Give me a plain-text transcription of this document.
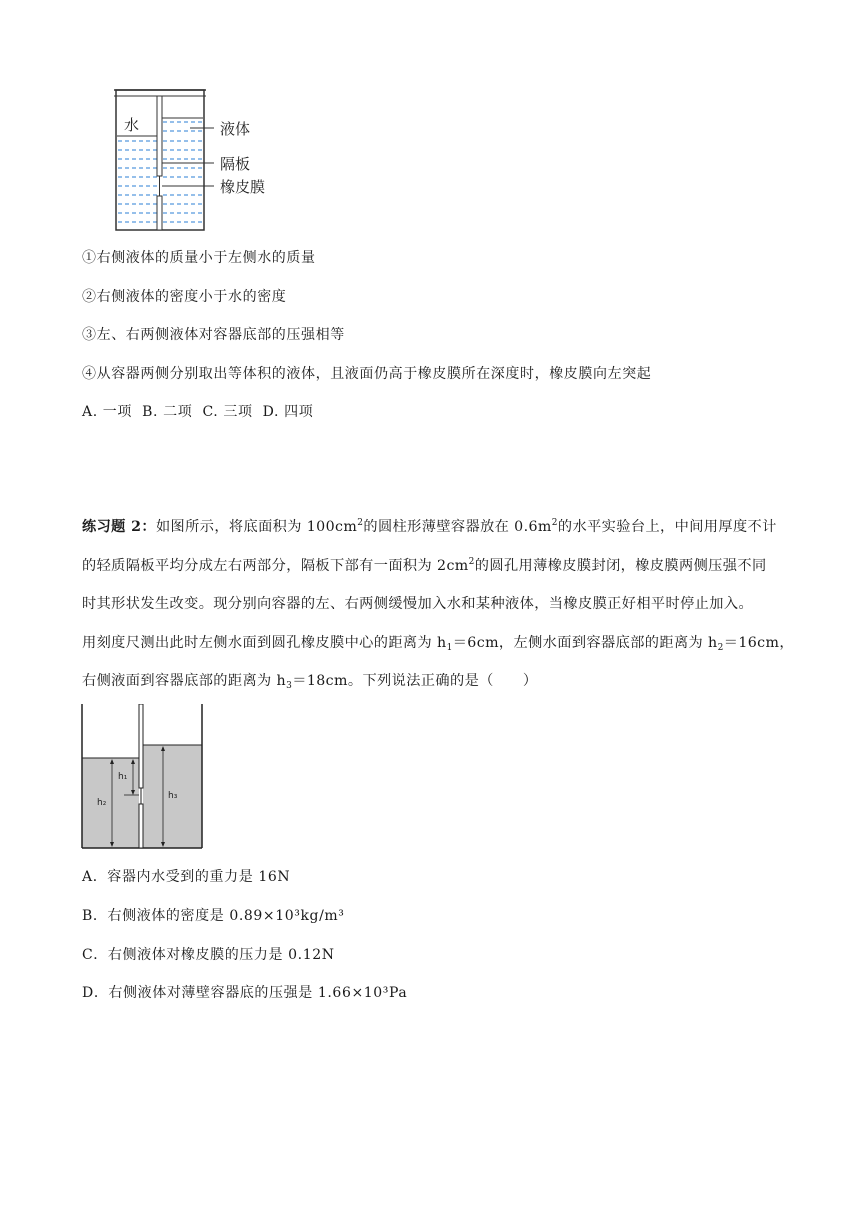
水	液体
隔板
橡皮膜
①右侧液体的质量小于左侧水的质量
②右侧液体的密度小于水的密度
③左、右两侧液体对容器底部的压强相等
④从容器两侧分别取出等体积的液体，且液面仍高于橡皮膜所在深度时，橡皮膜向左突起
A. 一项 B. 二项 C. 三项 D. 四项

练习题 2：如图所示，将底面积为 $100cm^2$的圆柱形薄壁容器放在 $0.6m^2$的水平实验台上，中间用厚度不计

的轻质隔板平均分成左右两部分，隔板下部有一面积为 $2cm^2$的圆孔用薄橡皮膜封闭，橡皮膜两侧压强不同

时其形状发生改变。现分别向容器的左、右两侧缓慢加入水和某种液体，当橡皮膜正好相平时停止加入。

用刻度尺测出此时左侧水面到圆孔橡皮膜中心的距离为 $h_1=6cm$，左侧水面到容器底部的距离为 $h_2=16cm$，

右侧液面到容器底部的距离为 $h_3=18cm$。下列说法正确的是（　　）

h₁
h₂
h₃
A．容器内水受到的重力是 16N
B．右侧液体的密度是 0.89×10³kg/m³
C．右侧液体对橡皮膜的压力是 0.12N
D．右侧液体对薄壁容器底的压强是 1.66×10³Pa
